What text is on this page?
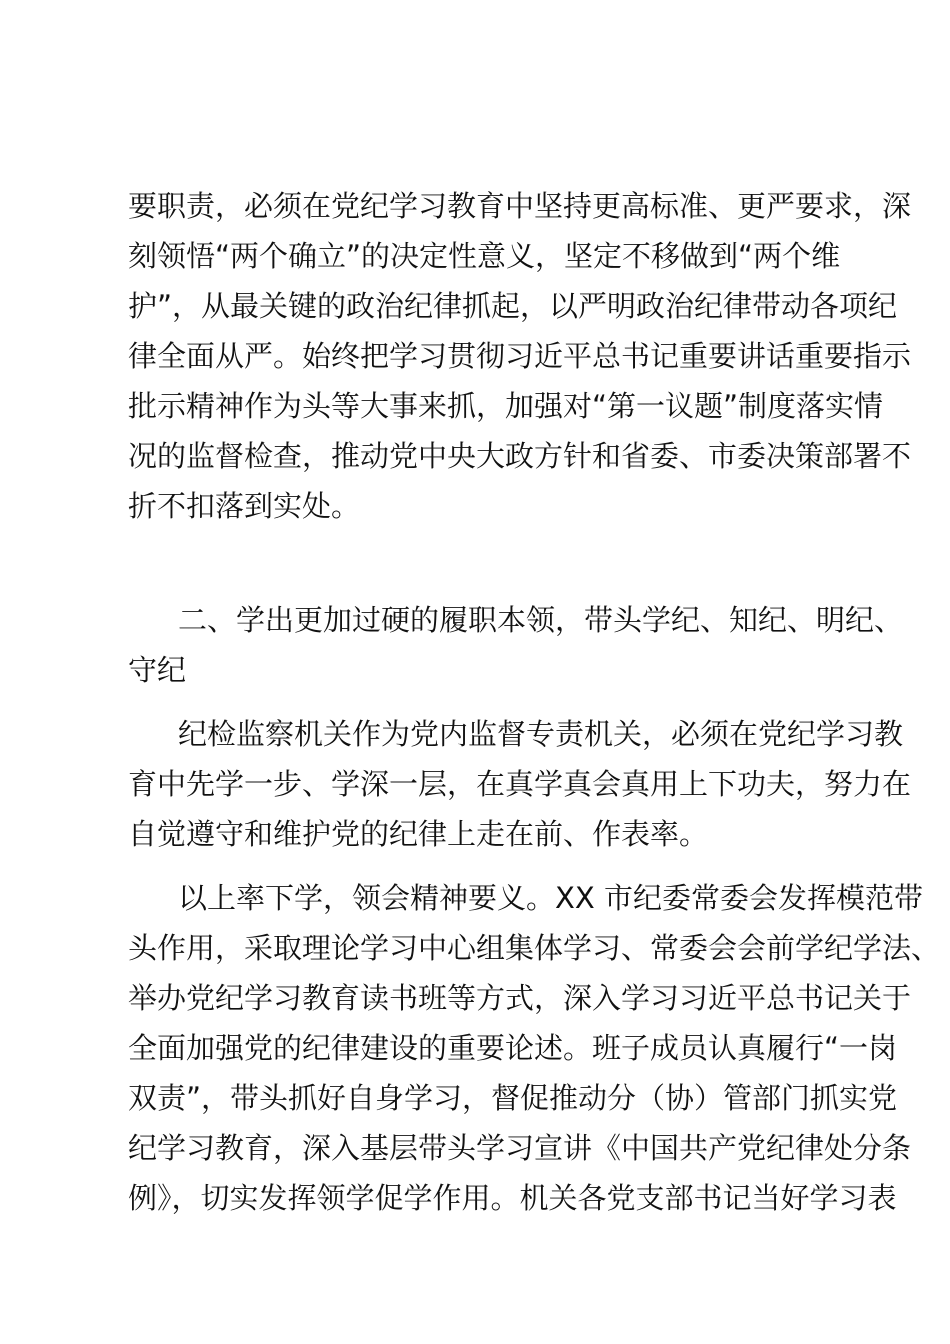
要职责，必须在党纪学习教育中坚持更高标准、更严要求，深
刻领悟“两个确立”的决定性意义，坚定不移做到“两个维
护”，从最关键的政治纪律抓起，以严明政治纪律带动各项纪
律全面从严。始终把学习贯彻习近平总书记重要讲话重要指示
批示精神作为头等大事来抓，加强对“第一议题”制度落实情
况的监督检查，推动党中央大政方针和省委、市委决策部署不
折不扣落到实处。
二、学出更加过硬的履职本领，带头学纪、知纪、明纪、
守纪
纪检监察机关作为党内监督专责机关，必须在党纪学习教
育中先学一步、学深一层，在真学真会真用上下功夫，努力在
自觉遵守和维护党的纪律上走在前、作表率。
以上率下学，领会精神要义。XX 市纪委常委会发挥模范带
头作用，采取理论学习中心组集体学习、常委会会前学纪学法、
举办党纪学习教育读书班等方式，深入学习习近平总书记关于
全面加强党的纪律建设的重要论述。班子成员认真履行“一岗
双责”，带头抓好自身学习，督促推动分（协）管部门抓实党
纪学习教育，深入基层带头学习宣讲《中国共产党纪律处分条
例》，切实发挥领学促学作用。机关各党支部书记当好学习表
